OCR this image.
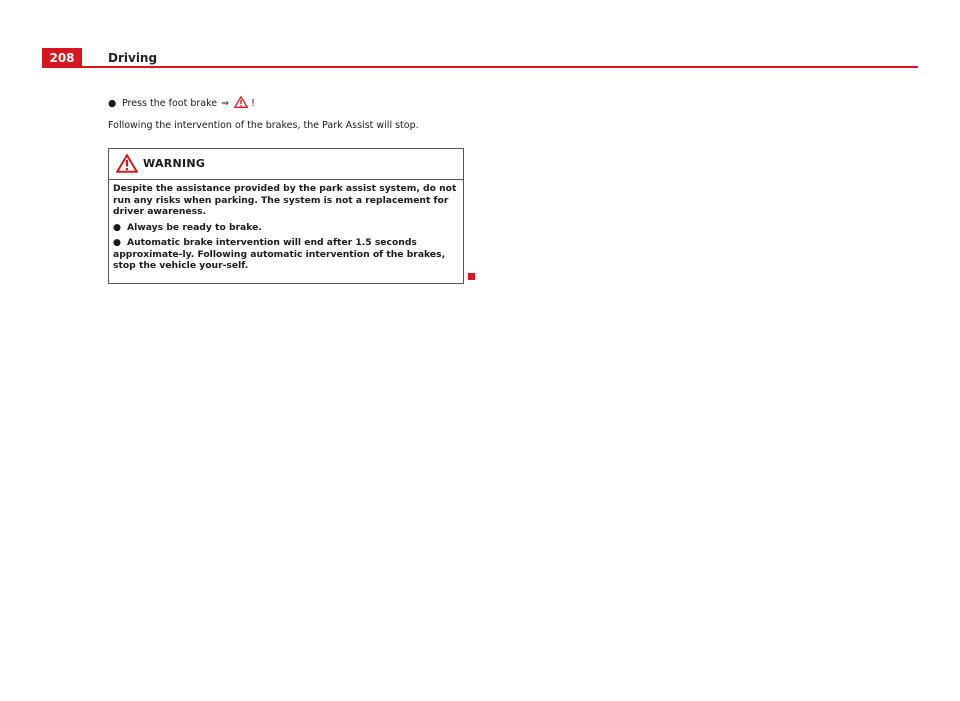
208	Driving

● Press the foot brake ⇒ !

Following the intervention of the brakes, the Park Assist will stop.

WARNING

Despite the assistance provided by the park assist system, do not run any risks when parking. The system is not a replacement for driver awareness.

● Always be ready to brake.

● Automatic brake intervention will end after 1.5 seconds approximate-ly. Following automatic intervention of the brakes, stop the vehicle your-self.
